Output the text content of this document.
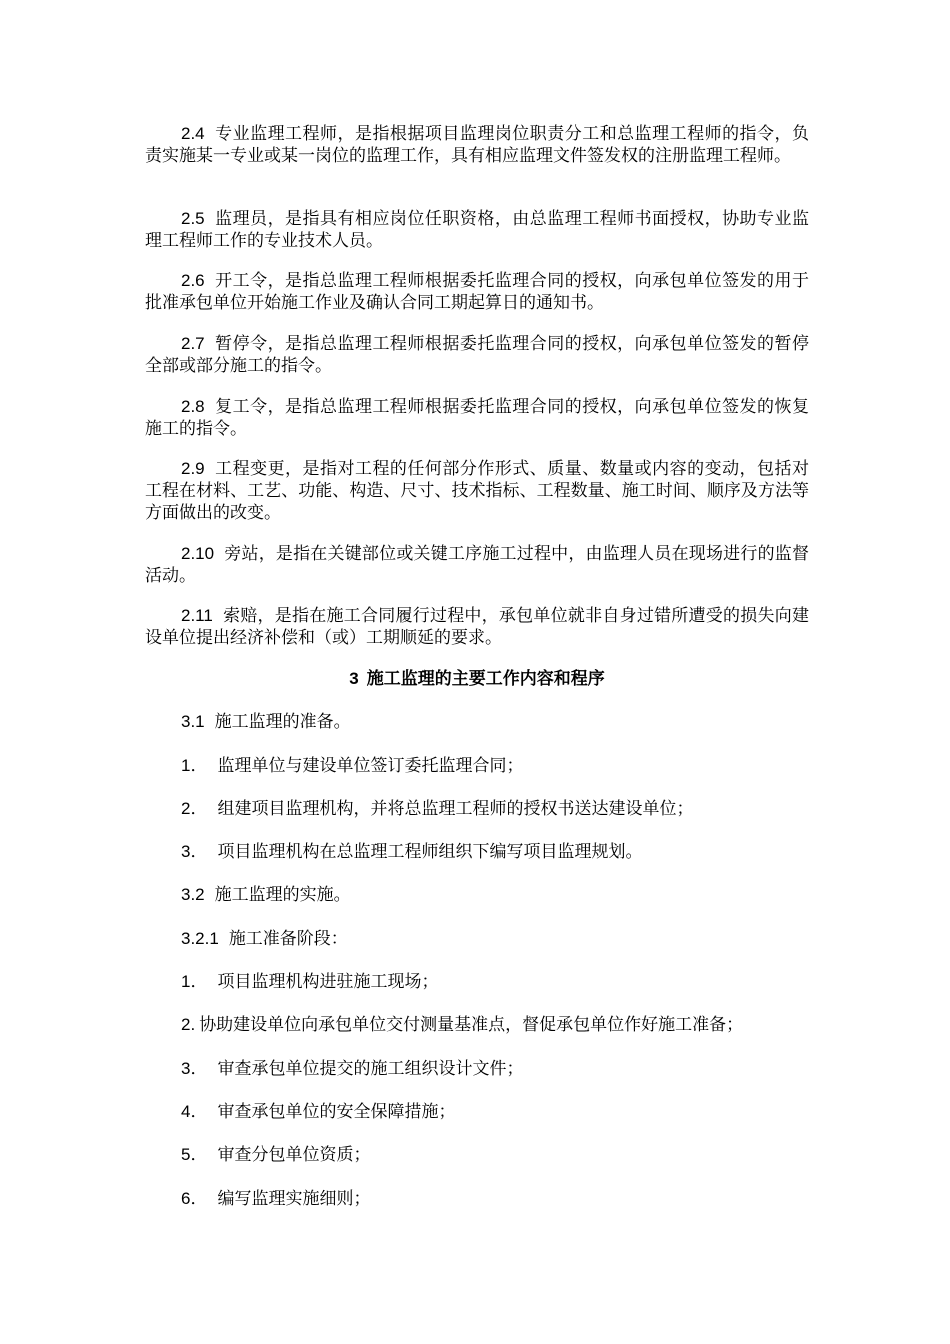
2.4 专业监理工程师，是指根据项目监理岗位职责分工和总监理工程师的指令，负责实施某一专业或某一岗位的监理工作，具有相应监理文件签发权的注册监理工程师。

2.5 监理员，是指具有相应岗位任职资格，由总监理工程师书面授权，协助专业监理工程师工作的专业技术人员。

2.6 开工令，是指总监理工程师根据委托监理合同的授权，向承包单位签发的用于批准承包单位开始施工作业及确认合同工期起算日的通知书。

2.7 暂停令，是指总监理工程师根据委托监理合同的授权，向承包单位签发的暂停全部或部分施工的指令。

2.8 复工令，是指总监理工程师根据委托监理合同的授权，向承包单位签发的恢复施工的指令。

2.9 工程变更，是指对工程的任何部分作形式、质量、数量或内容的变动，包括对工程在材料、工艺、功能、构造、尺寸、技术指标、工程数量、施工时间、顺序及方法等方面做出的改变。

2.10 旁站，是指在关键部位或关键工序施工过程中，由监理人员在现场进行的监督活动。

2.11 索赔，是指在施工合同履行过程中，承包单位就非自身过错所遭受的损失向建设单位提出经济补偿和（或）工期顺延的要求。

3 施工监理的主要工作内容和程序

3.1 施工监理的准备。

1． 监理单位与建设单位签订委托监理合同；

2． 组建项目监理机构，并将总监理工程师的授权书送达建设单位；

3． 项目监理机构在总监理工程师组织下编写项目监理规划。

3.2 施工监理的实施。

3.2.1 施工准备阶段：

1． 项目监理机构进驻施工现场；

2. 协助建设单位向承包单位交付测量基准点，督促承包单位作好施工准备；

3． 审查承包单位提交的施工组织设计文件；

4． 审查承包单位的安全保障措施；

5． 审查分包单位资质；

6． 编写监理实施细则；
